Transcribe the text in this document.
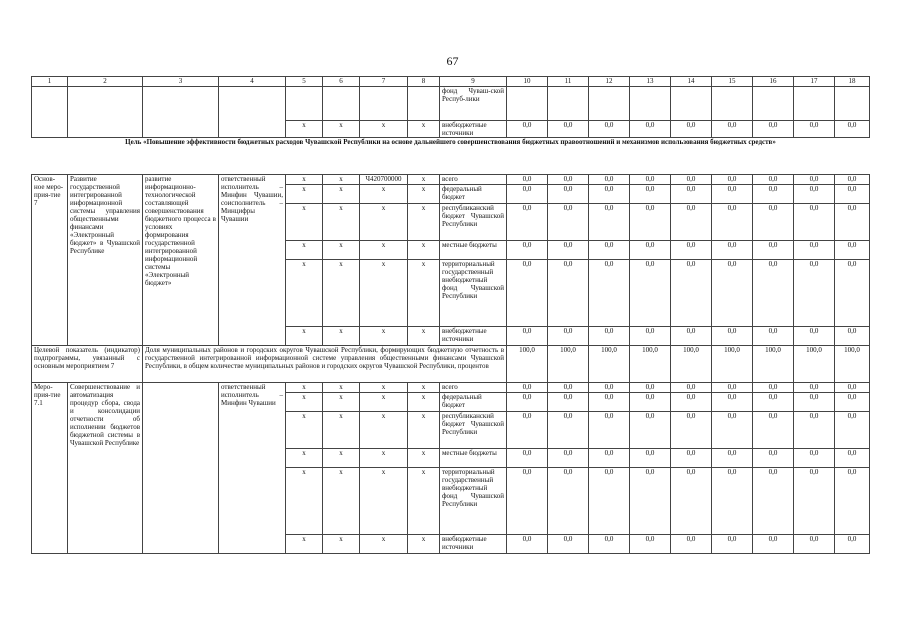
67
1	2	3	4	5	6	7	8	9	10	11	12	13	14	15	16	17	18
								фонд Чуваш-ской Респуб-лики									
				x	x	x	x	внебюджетные источники	0,0	0,0	0,0	0,0	0,0	0,0	0,0	0,0	0,0
Цель «Повышение эффективности бюджетных расходов Чувашской Республики на основе дальнейшего совершенствования бюджетных правоотношений и механизмов использования бюджетных средств»																	
Основ-ное меро-прия-тие 7	Развитие государственной интегрированной информационной системы управления общественными финансами «Электронный бюджет» в Чувашской Республике	развитие информационно-технологической составляющей совершенствования бюджетного процесса в условиях формирования государственной интегрированной информационной системы «Электронный бюджет»	ответственный исполнитель – Минфин Чувашии, соисполнитель – Минцифры Чувашии	x	x	Ч420700000	x	всего	0,0	0,0	0,0	0,0	0,0	0,0	0,0	0,0	0,0
				x	x	x	x	федеральный бюджет	0,0	0,0	0,0	0,0	0,0	0,0	0,0	0,0	0,0
				x	x	x	x	республиканский бюджет Чувашской Республики	0,0	0,0	0,0	0,0	0,0	0,0	0,0	0,0	0,0
				x	x	x	x	местные бюджеты	0,0	0,0	0,0	0,0	0,0	0,0	0,0	0,0	0,0
				x	x	x	x	территориальный государственный внебюджетный фонд Чувашской Республики	0,0	0,0	0,0	0,0	0,0	0,0	0,0	0,0	0,0
				x	x	x	x	внебюджетные источники	0,0	0,0	0,0	0,0	0,0	0,0	0,0	0,0	0,0
Целевой показатель (индикатор) подпрограммы, увязанный с основным мероприятием 7		Доля муниципальных районов и городских округов Чувашской Республики, формирующих бюджетную отчетность в государственной интегрированной информационной системе управления общественными финансами Чувашской Республики, в общем количестве муниципальных районов и городских округов Чувашской Республики, процентов							100,0	100,0	100,0	100,0	100,0	100,0	100,0	100,0	100,0
Меро-прия-тие 7.1	Совершенствование и автоматизация процедур сбора, свода и консолидации отчетности об исполнении бюджетов бюджетной системы в Чувашской Республике		ответственный исполнитель – Минфин Чувашии	x	x	x	x	всего	0,0	0,0	0,0	0,0	0,0	0,0	0,0	0,0	0,0
				x	x	x	x	федеральный бюджет	0,0	0,0	0,0	0,0	0,0	0,0	0,0	0,0	0,0
				x	x	x	x	республиканский бюджет Чувашской Республики	0,0	0,0	0,0	0,0	0,0	0,0	0,0	0,0	0,0
				x	x	x	x	местные бюджеты	0,0	0,0	0,0	0,0	0,0	0,0	0,0	0,0	0,0
				x	x	x	x	территориальный государственный внебюджетный фонд Чувашской Республики	0,0	0,0	0,0	0,0	0,0	0,0	0,0	0,0	0,0
				x	x	x	x	внебюджетные источники	0,0	0,0	0,0	0,0	0,0	0,0	0,0	0,0	0,0
